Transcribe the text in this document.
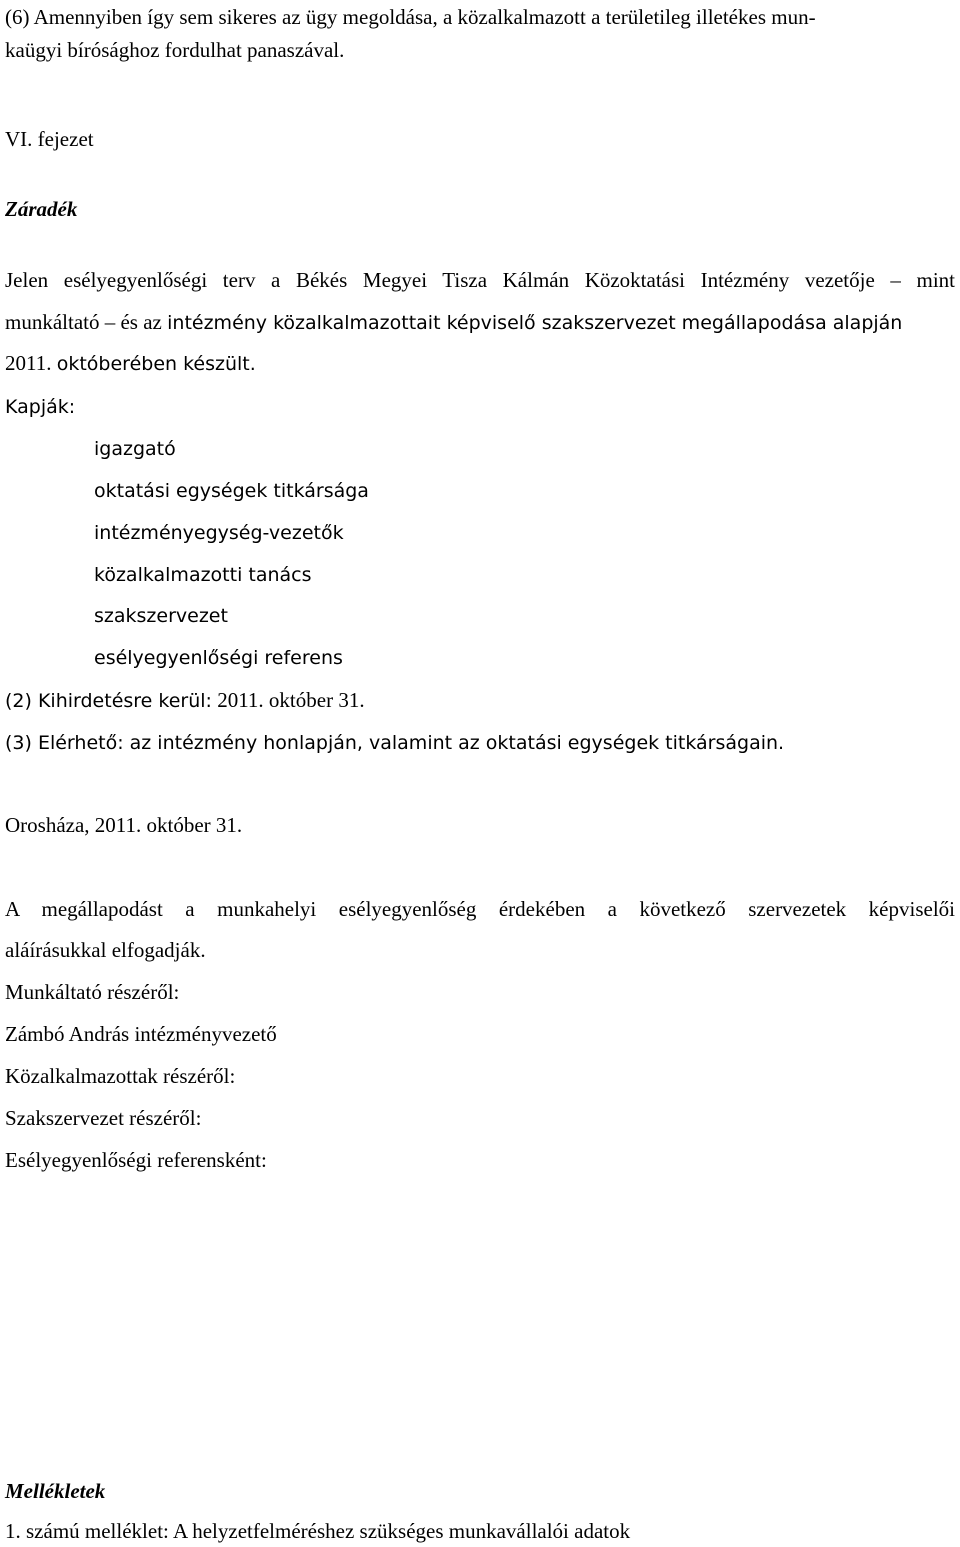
(6) Amennyiben így sem sikeres az ügy megoldása, a közalkalmazott a területileg illetékes mun-
kaügyi bírósághoz fordulhat panaszával.
VI. fejezet
Záradék
Jelen esélyegyenlőségi terv a Békés Megyei Tisza Kálmán Közoktatási Intézmény vezetője – mint
munkáltató – és az intézmény közalkalmazottait képviselő szakszervezet megállapodása alapján
2011. októberében készült.
Kapják:
igazgató
oktatási egységek titkársága
intézményegység-vezetők
közalkalmazotti tanács
szakszervezet
esélyegyenlőségi referens
(2) Kihirdetésre kerül: 2011. október 31.
(3) Elérhető: az intézmény honlapján, valamint az oktatási egységek titkárságain.
Orosháza, 2011. október 31.
A megállapodást a munkahelyi esélyegyenlőség érdekében a következő szervezetek képviselői
aláírásukkal elfogadják.
Munkáltató részéről:
Zámbó András intézményvezető
Közalkalmazottak részéről:
Szakszervezet részéről:
Esélyegyenlőségi referensként:
Mellékletek
1. számú melléklet: A helyzetfelméréshez szükséges munkavállalói adatok
